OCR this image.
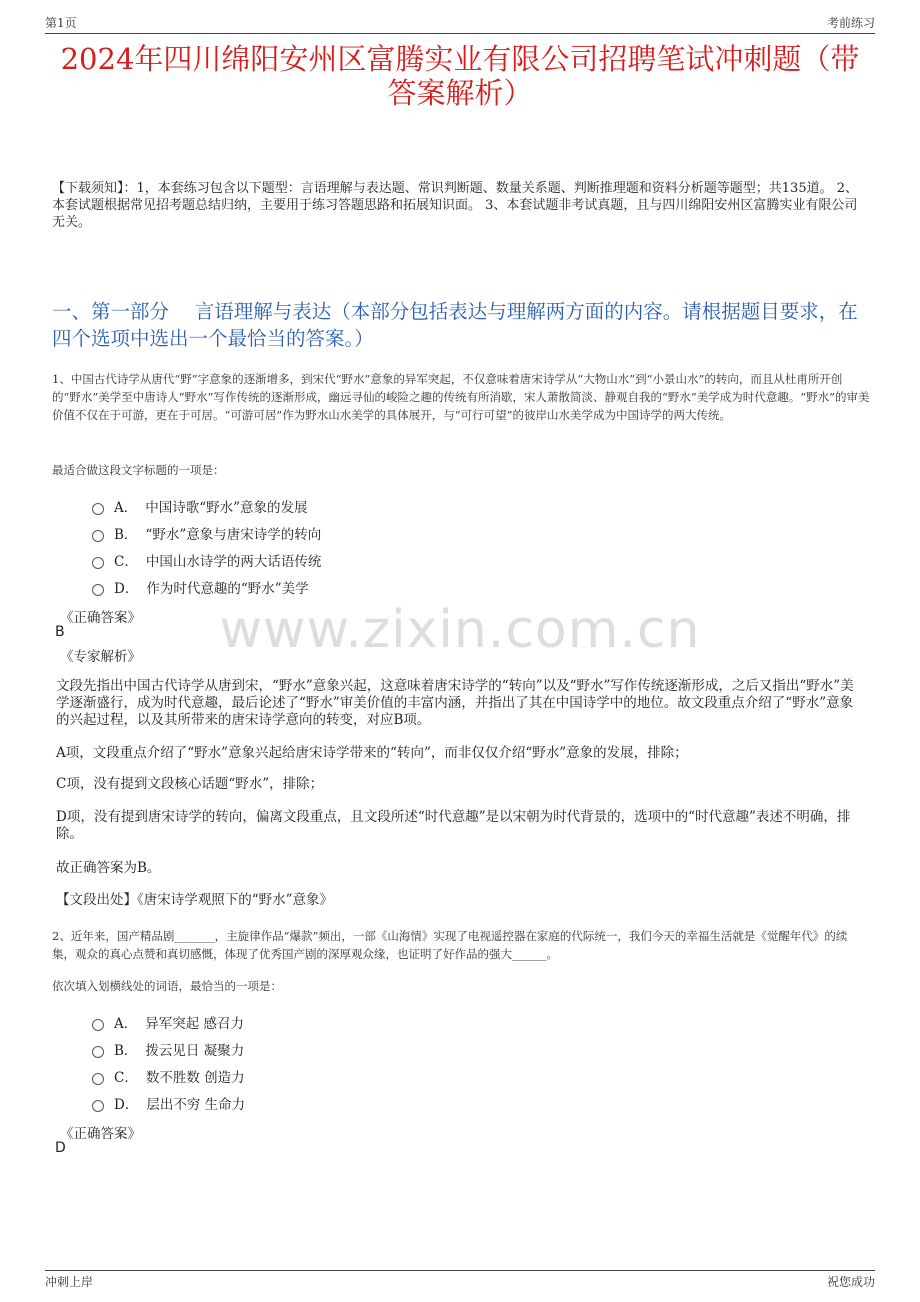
第1页	考前练习
www.zixin.com.cn
2024年四川绵阳安州区富腾实业有限公司招聘笔试冲刺题（带答案解析）
【下载须知】：1，本套练习包含以下题型：言语理解与表达题、常识判断题、数量关系题、判断推理题和资料分析题等题型；共135道。 2、本套试题根据常见招考题总结归纳，主要用于练习答题思路和拓展知识面。 3、本套试题非考试真题，且与四川绵阳安州区富腾实业有限公司无关。
一、第一部分　 言语理解与表达（本部分包括表达与理解两方面的内容。请根据题目要求，在四个选项中选出一个最恰当的答案。）
1、中国古代诗学从唐代“野”字意象的逐渐增多，到宋代“野水”意象的异军突起，不仅意味着唐宋诗学从“大物山水”到“小景山水”的转向，而且从杜甫所开创的“野水”美学至中唐诗人“野水”写作传统的逐渐形成，幽远寻仙的峻险之趣的传统有所消歇，宋人萧散简淡、静观自我的“野水”美学成为时代意趣。“野水”的审美价值不仅在于可游，更在于可居。“可游可居”作为野水山水美学的具体展开，与“可行可望”的彼岸山水美学成为中国诗学的两大传统。
最适合做这段文字标题的一项是：
A． 中国诗歌“野水”意象的发展
B． “野水”意象与唐宋诗学的转向
C． 中国山水诗学的两大话语传统
D． 作为时代意趣的“野水”美学
《正确答案》
B
《专家解析》
文段先指出中国古代诗学从唐到宋，“野水”意象兴起，这意味着唐宋诗学的“转向”以及“野水”写作传统逐渐形成，之后又指出“野水”美学逐渐盛行，成为时代意趣，最后论述了“野水”审美价值的丰富内涵，并指出了其在中国诗学中的地位。故文段重点介绍了“野水”意象的兴起过程，以及其所带来的唐宋诗学意向的转变，对应B项。
A项，文段重点介绍了“野水”意象兴起给唐宋诗学带来的“转向”，而非仅仅介绍“野水”意象的发展，排除；
C项，没有提到文段核心话题“野水”，排除；
D项，没有提到唐宋诗学的转向，偏离文段重点，且文段所述“时代意趣”是以宋朝为时代背景的，选项中的“时代意趣”表述不明确，排除。
故正确答案为B。
【文段出处】《唐宋诗学观照下的“野水”意象》
2、近年来，国产精品剧_______，主旋律作品“爆款”频出，一部《山海情》实现了电视遥控器在家庭的代际统一，我们今天的幸福生活就是《觉醒年代》的续集，观众的真心点赞和真切感慨，体现了优秀国产剧的深厚观众缘，也证明了好作品的强大______。
依次填入划横线处的词语，最恰当的一项是：
A． 异军突起 感召力
B． 拨云见日 凝聚力
C． 数不胜数 创造力
D． 层出不穷 生命力
《正确答案》
D
冲刺上岸	祝您成功
